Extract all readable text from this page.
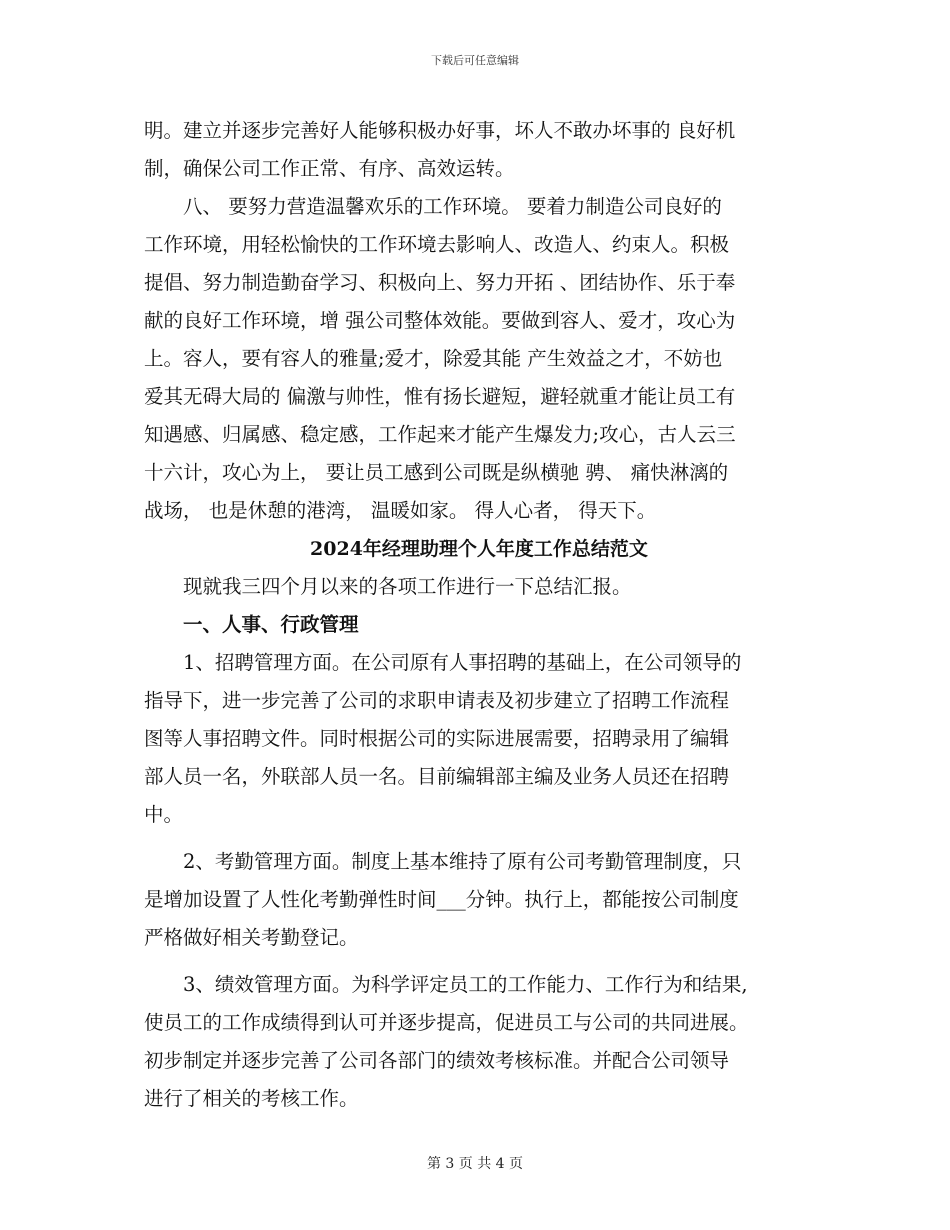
下载后可任意编辑

明。建立并逐步完善好人能够积极办好事，坏人不敢办坏事的 良好机
制，确保公司工作正常、有序、高效运转。

　　八、 要努力营造温馨欢乐的工作环境。 要着力制造公司良好的
工作环境，用轻松愉快的工作环境去影响人、改造人、约束人。积极
提倡、努力制造勤奋学习、积极向上、努力开拓 、团结协作、乐于奉
献的良好工作环境，增 强公司整体效能。要做到容人、爱才，攻心为
上。容人，要有容人的雅量;爱才，除爱其能 产生效益之才，不妨也
爱其无碍大局的 偏激与帅性，惟有扬长避短，避轻就重才能让员工有
知遇感、归属感、稳定感，工作起来才能产生爆发力;攻心，古人云三
十六计，攻心为上， 要让员工感到公司既是纵横驰 骋、 痛快淋漓的
战场， 也是休憩的港湾， 温暖如家。 得人心者， 得天下。

2024年经理助理个人年度工作总结范文

　　现就我三四个月以来的各项工作进行一下总结汇报。

　　一、人事、行政管理

　　1、招聘管理方面。在公司原有人事招聘的基础上，在公司领导的
指导下，进一步完善了公司的求职申请表及初步建立了招聘工作流程
图等人事招聘文件。同时根据公司的实际进展需要，招聘录用了编辑
部人员一名，外联部人员一名。目前编辑部主编及业务人员还在招聘
中。

　　2、考勤管理方面。制度上基本维持了原有公司考勤管理制度，只
是增加设置了人性化考勤弹性时间___分钟。执行上，都能按公司制度
严格做好相关考勤登记。

　　3、绩效管理方面。为科学评定员工的工作能力、工作行为和结果,
使员工的工作成绩得到认可并逐步提高，促进员工与公司的共同进展。
初步制定并逐步完善了公司各部门的绩效考核标准。并配合公司领导
进行了相关的考核工作。

第 3 页 共 4 页
